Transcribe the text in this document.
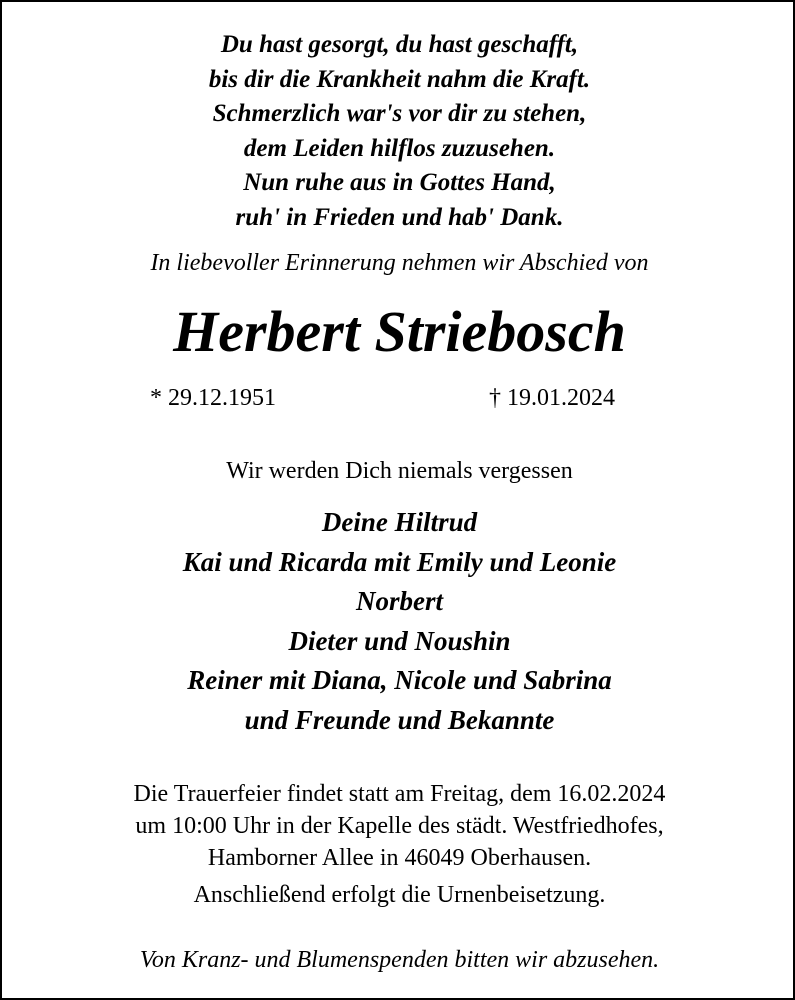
Du hast gesorgt, du hast geschafft,
bis dir die Krankheit nahm die Kraft.
Schmerzlich war's vor dir zu stehen,
dem Leiden hilflos zuzusehen.
Nun ruhe aus in Gottes Hand,
ruh' in Frieden und hab' Dank.
In liebevoller Erinnerung nehmen wir Abschied von
Herbert Striebosch
* 29.12.1951	† 19.01.2024
Wir werden Dich niemals vergessen
Deine Hiltrud
Kai und Ricarda mit Emily und Leonie
Norbert
Dieter und Noushin
Reiner mit Diana, Nicole und Sabrina
und Freunde und Bekannte
Die Trauerfeier findet statt am Freitag, dem 16.02.2024
um 10:00 Uhr in der Kapelle des städt. Westfriedhofes,
Hamborner Allee in 46049 Oberhausen.
Anschließend erfolgt die Urnenbeisetzung.
Von Kranz- und Blumenspenden bitten wir abzusehen.
